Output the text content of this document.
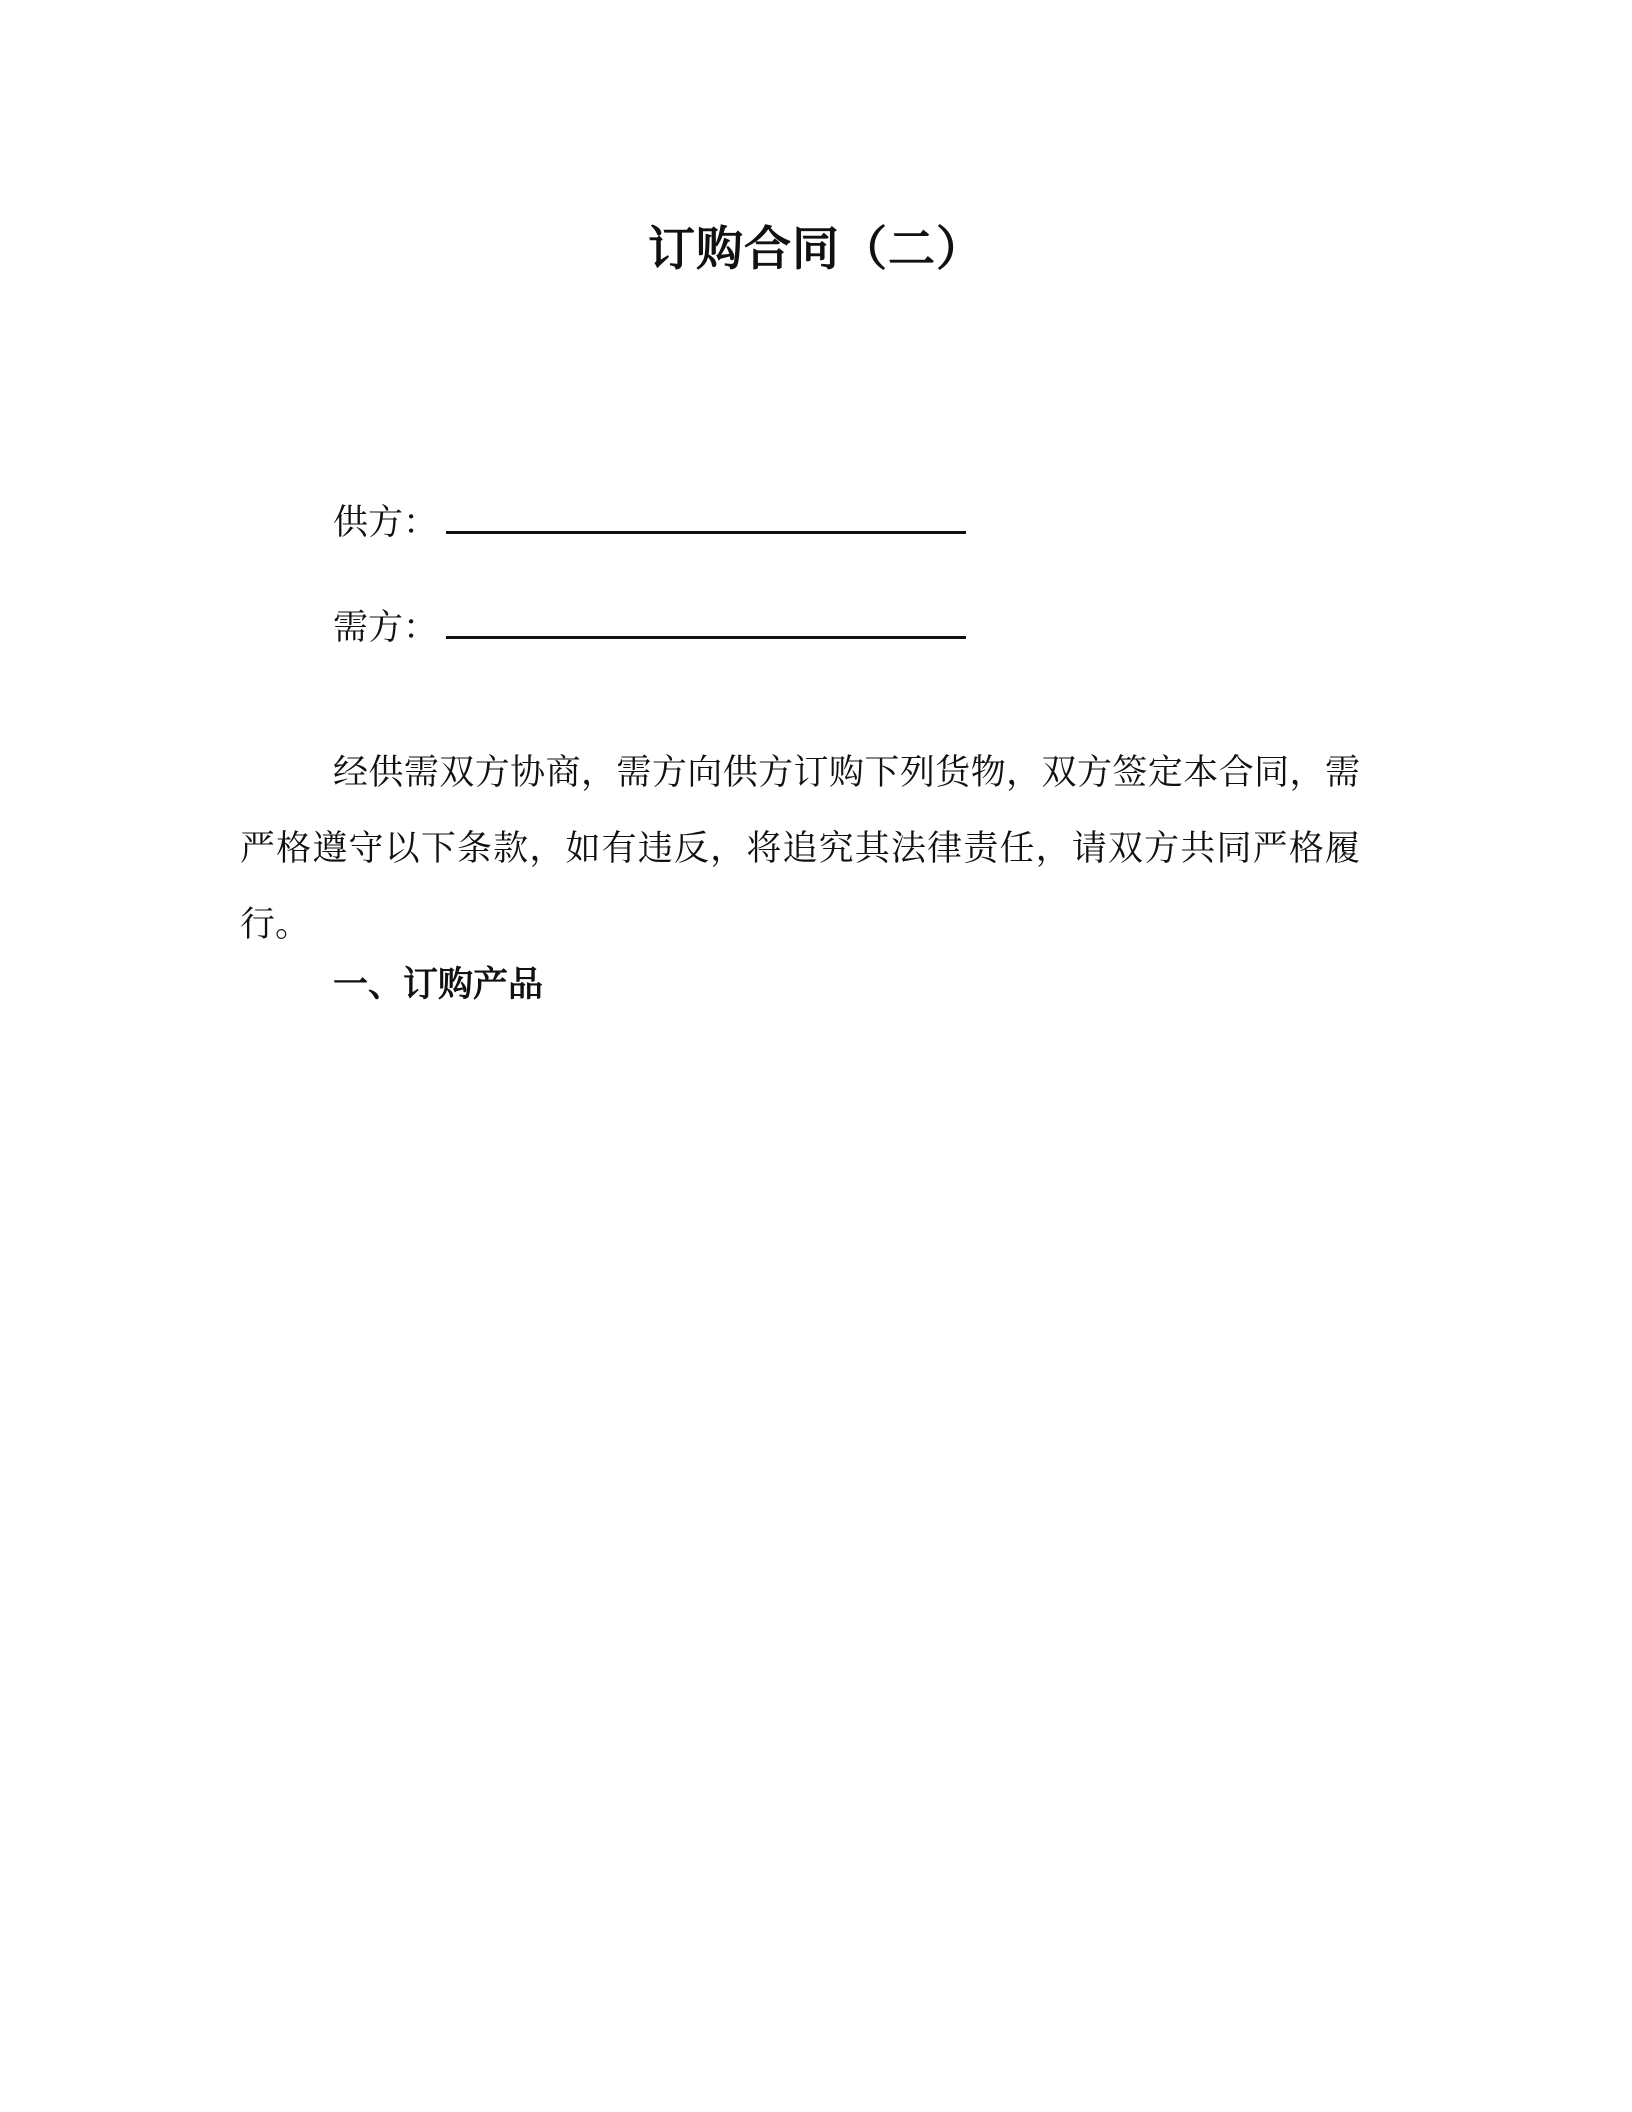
订购合同（二）
供方：
需方：

经供需双方协商，需方向供方订购下列货物，双方签定本合同，需严格遵守以下条款，如有违反，将追究其法律责任，请双方共同严格履行。

一、订购产品
